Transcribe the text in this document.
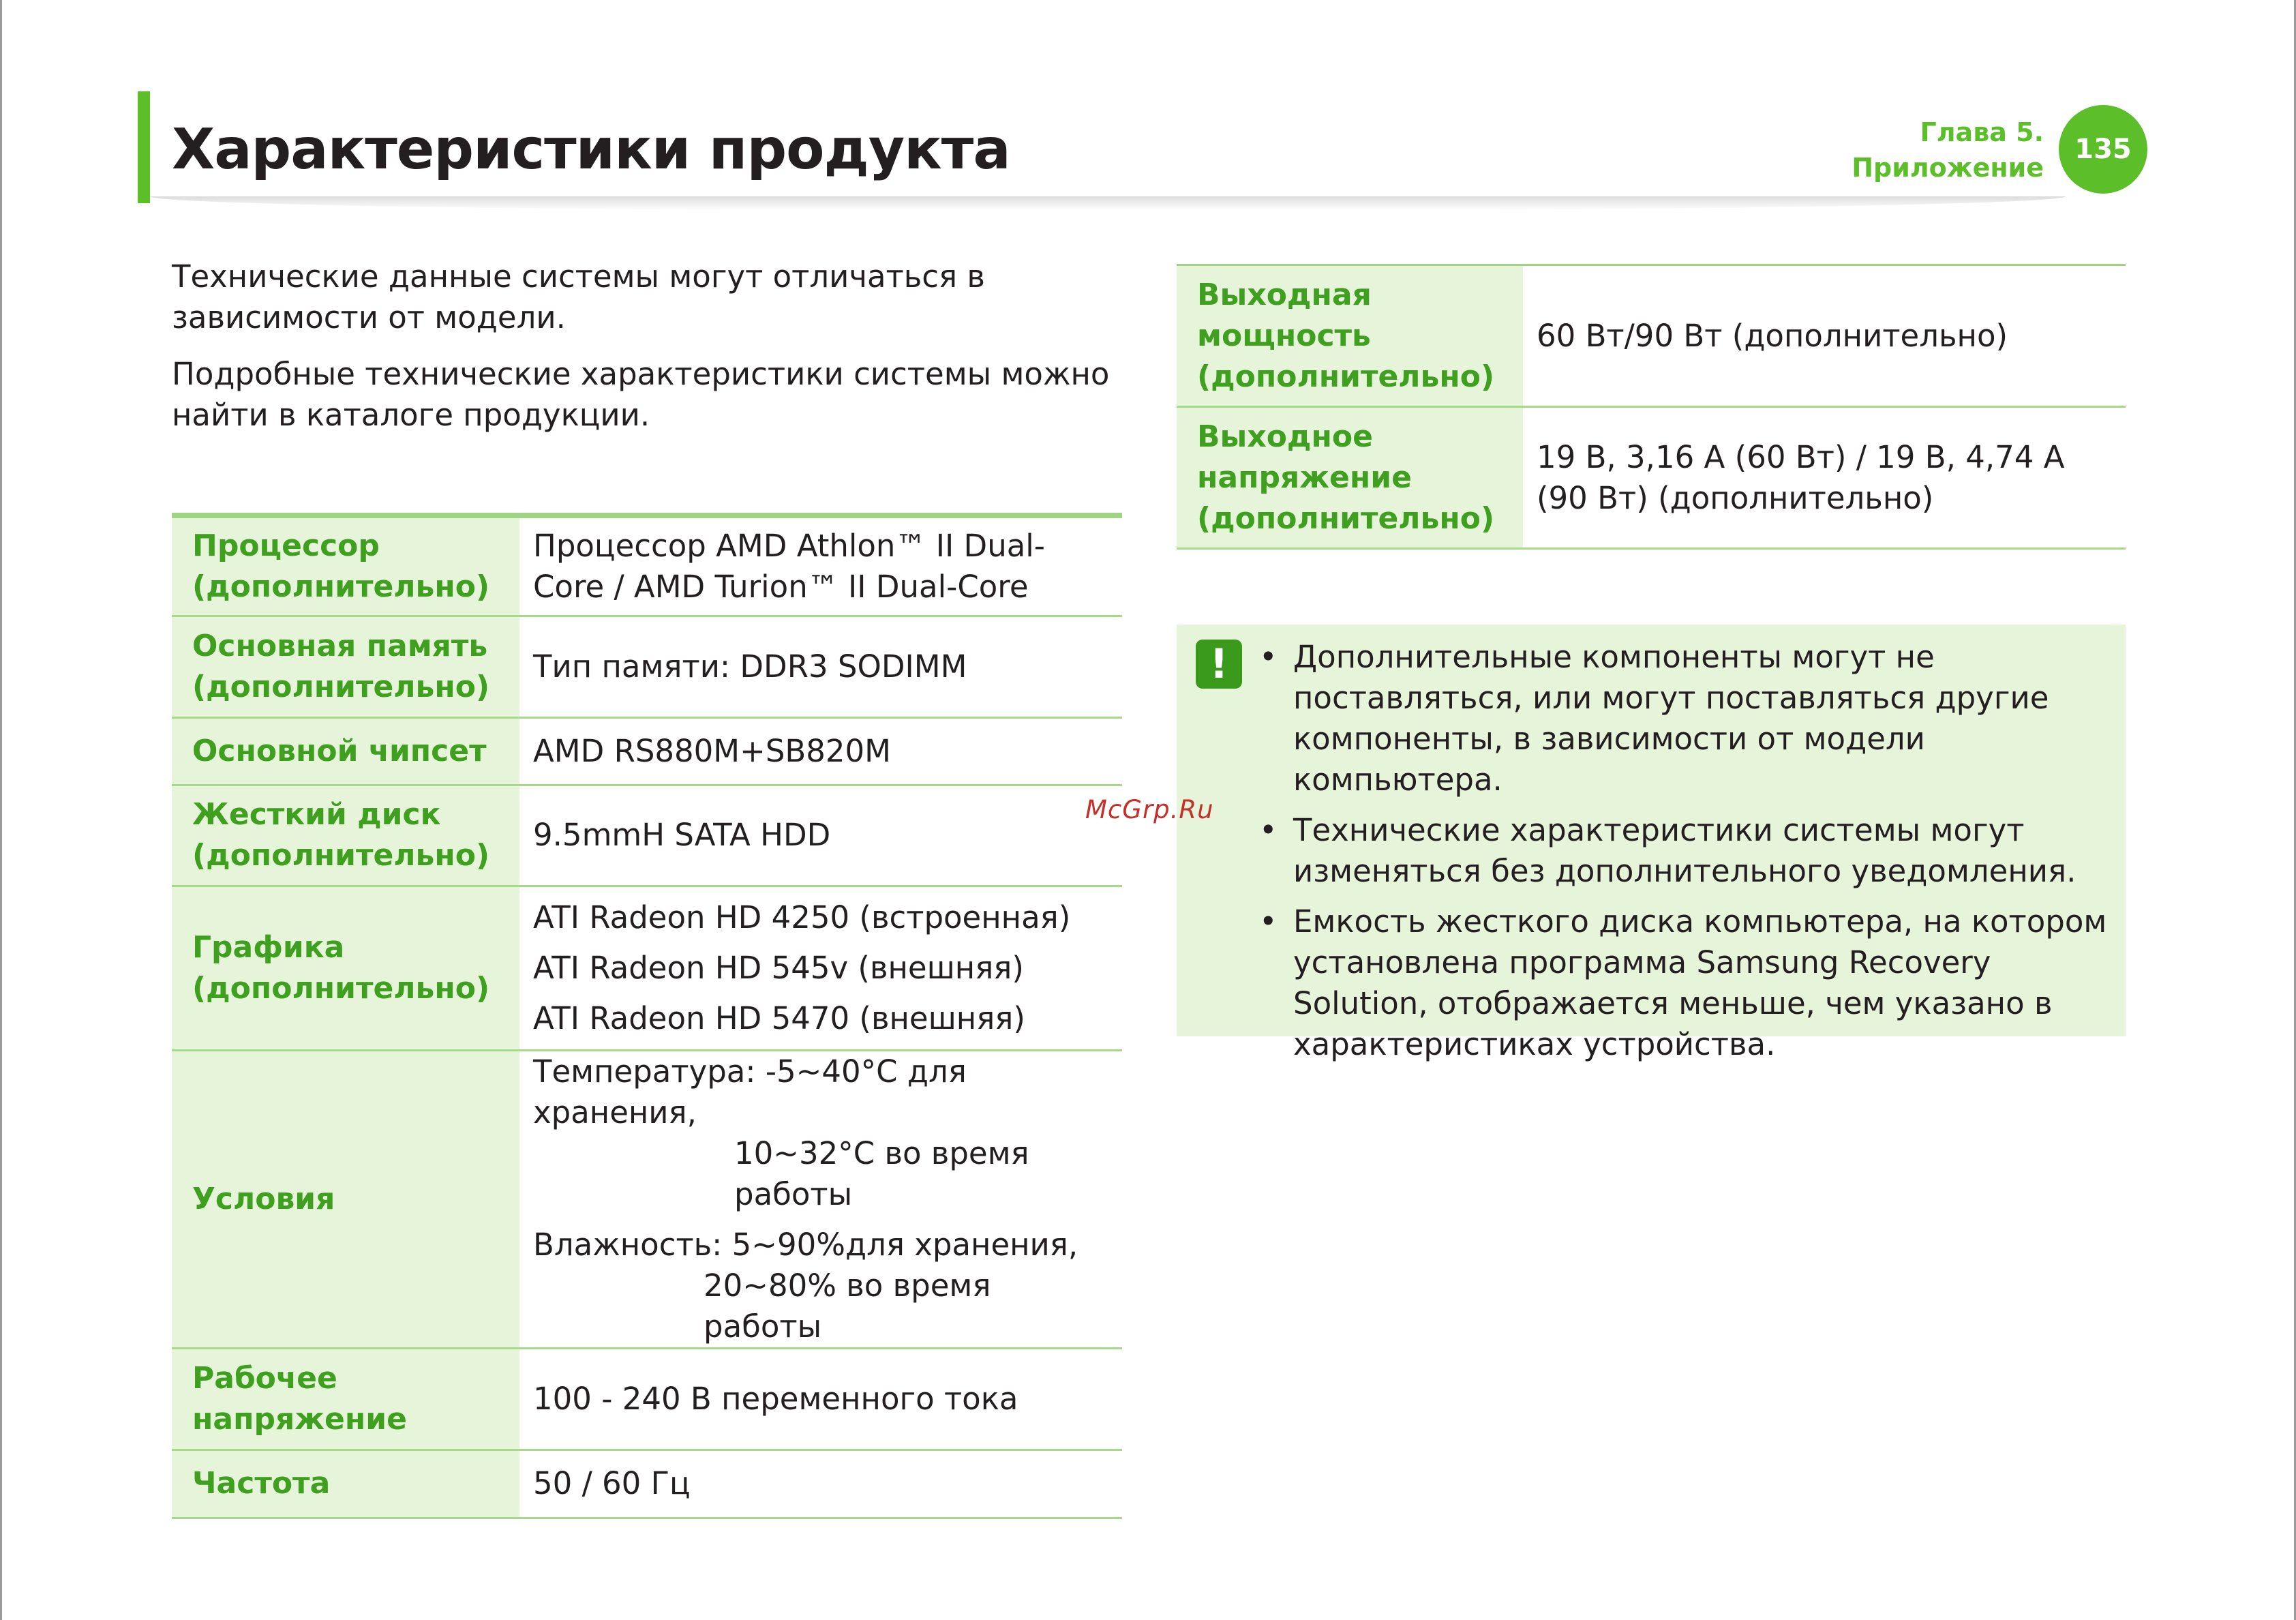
Характеристики продукта	Глава 5.
Приложение
135

Технические данные системы могут отличаться в зависимости от модели.

Подробные технические характеристики системы можно найти в каталоге продукции.

Процессор (дополнительно)	Процессор AMD Athlon™ II Dual-Core / AMD Turion™ II Dual-Core
Основная память (дополнительно)	Тип памяти: DDR3 SODIMM
Основной чипсет	AMD RS880M+SB820M
Жесткий диск (дополнительно)	9.5mmH SATA HDD
Графика (дополнительно)	ATI Radeon HD 4250 (встроенная)
ATI Radeon HD 545v (внешняя)
ATI Radeon HD 5470 (внешняя)

Условия	Температура: -5~40°C для хранения,
10~32°C во время работы
Влажность: 5~90%для хранения,
20~80% во время работы

Рабочее напряжение	100 - 240 В переменного тока
Частота	50 / 60 Гц
Выходная мощность (дополнительно)	60 Вт/90 Вт (дополнительно)
Выходное напряжение (дополнительно)	19 В, 3,16 А (60 Вт) / 19 В, 4,74 А (90 Вт) (дополнительно)
!	• Дополнительные компоненты могут не поставляться, или могут поставляться другие компоненты, в зависимости от модели компьютера.
• Технические характеристики системы могут изменяться без дополнительного уведомления.
• Емкость жесткого диска компьютера, на котором установлена программа Samsung Recovery Solution, отображается меньше, чем указано в характеристиках устройства.
McGrp.Ru
